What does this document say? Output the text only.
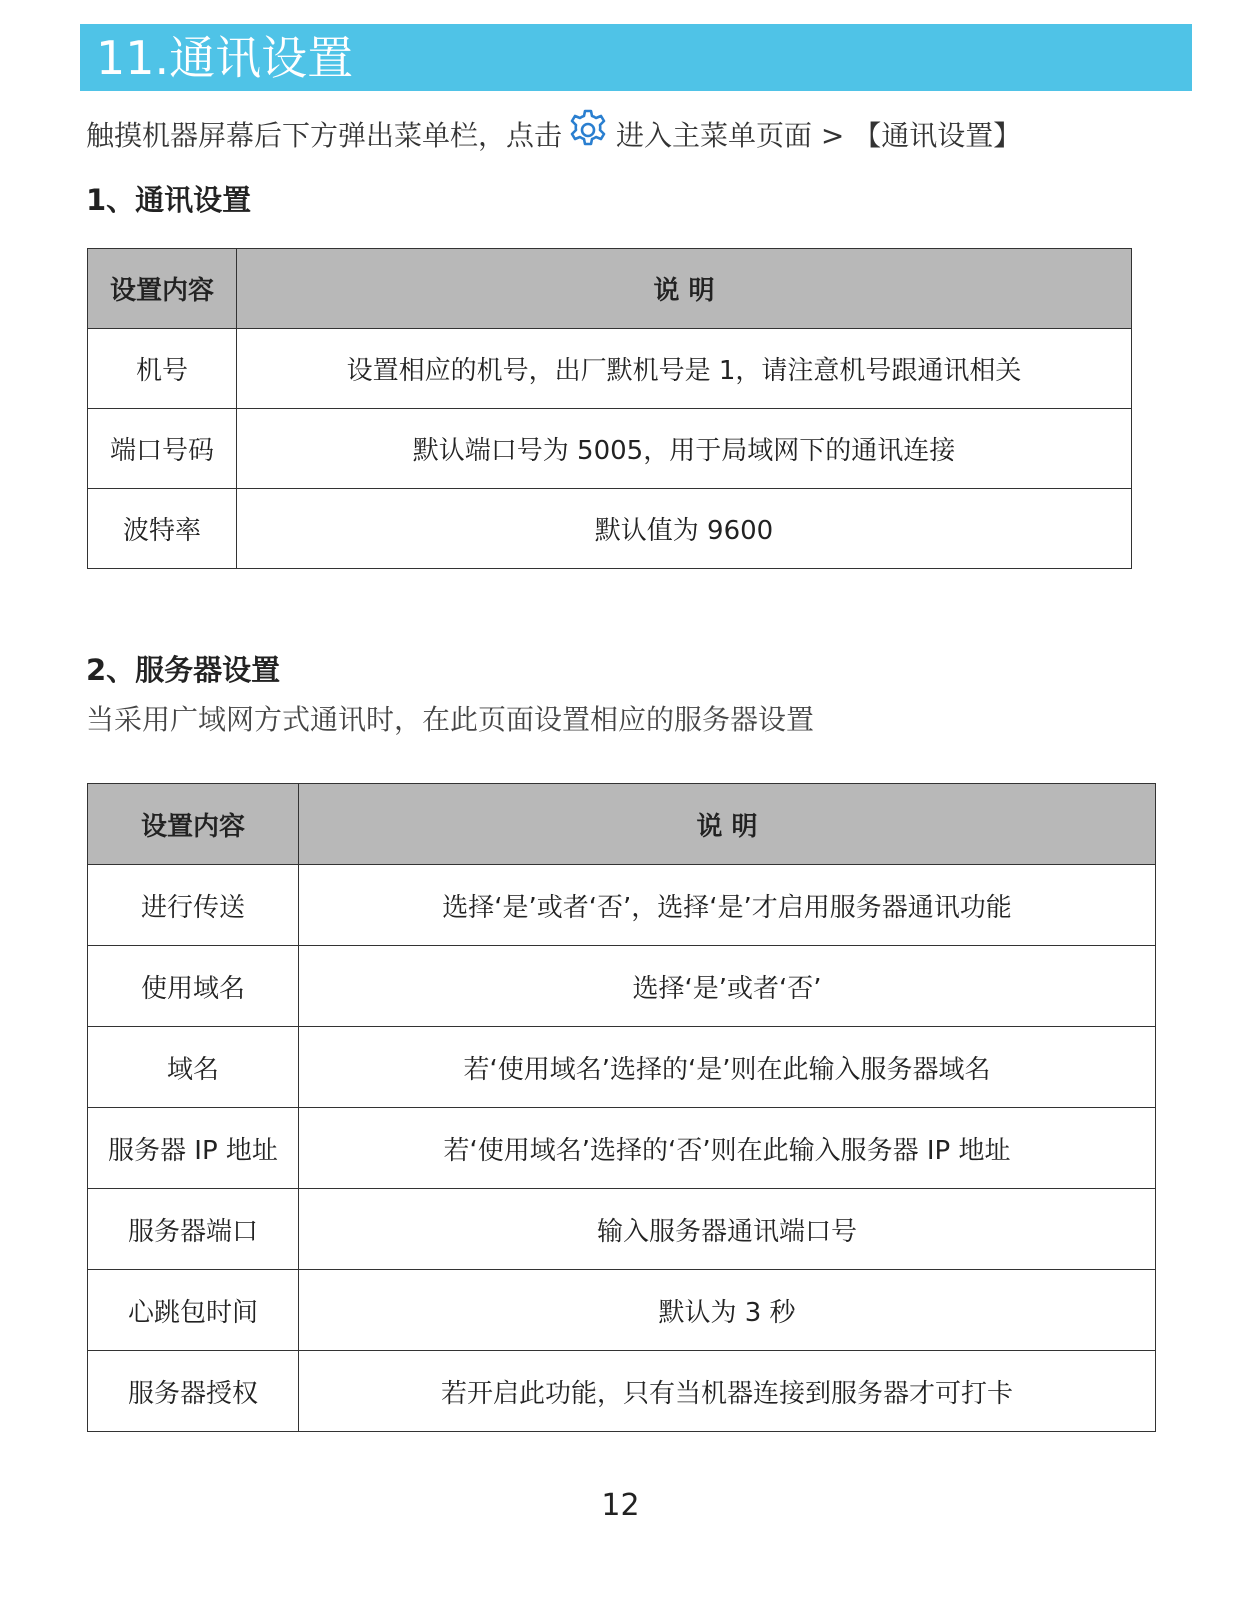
11.通讯设置
触摸机器屏幕后下方弹出菜单栏，点击 进入主菜单页面 > 【通讯设置】
1、通讯设置
设置内容	说 明
机号	设置相应的机号，出厂默机号是 1，请注意机号跟通讯相关
端口号码	默认端口号为 5005，用于局域网下的通讯连接
波特率	默认值为 9600
2、服务器设置
当采用广域网方式通讯时，在此页面设置相应的服务器设置
设置内容	说 明
进行传送	选择‘是’或者‘否’，选择‘是’才启用服务器通讯功能
使用域名	选择‘是’或者‘否’
域名	若‘使用域名’选择的‘是’则在此输入服务器域名
服务器 IP 地址	若‘使用域名’选择的‘否’则在此输入服务器 IP 地址
服务器端口	输入服务器通讯端口号
心跳包时间	默认为 3 秒
服务器授权	若开启此功能，只有当机器连接到服务器才可打卡
12
